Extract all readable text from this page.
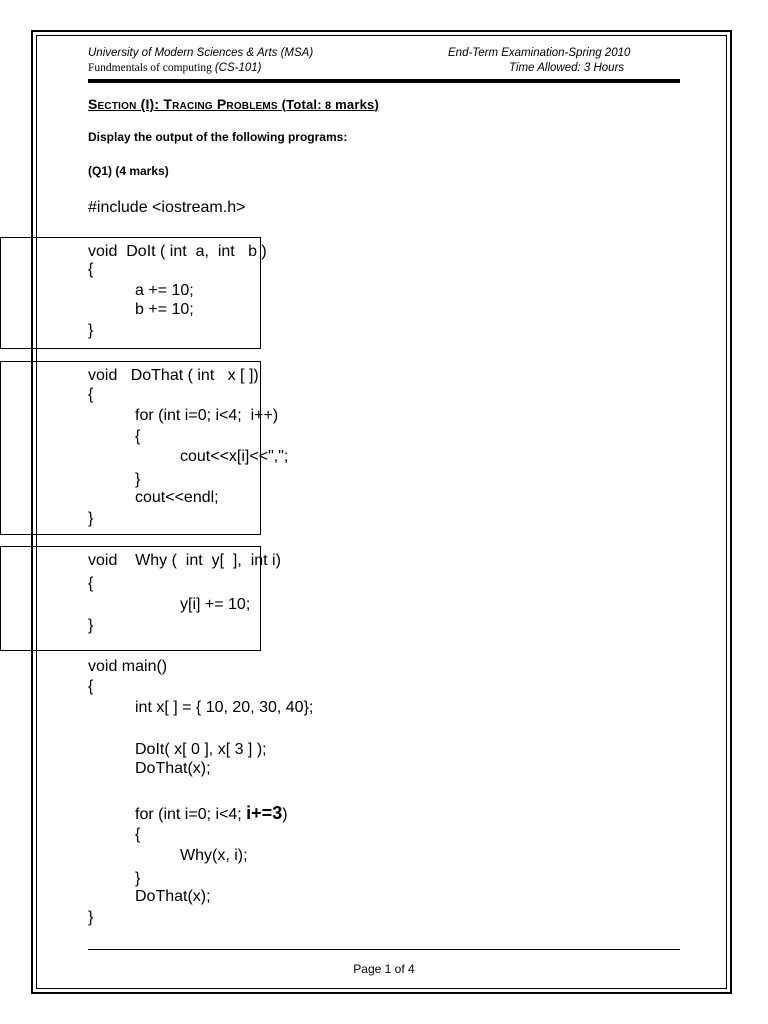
University of Modern Sciences & Arts (MSA)	End-Term Examination-Spring 2010
Fundmentals of computing (CS-101)	Time Allowed: 3 Hours
Section (I): Tracing Problems (Total: 8 marks)
Display the output of the following programs:
(Q1) (4 marks)
#include <iostream.h>
void  DoIt ( int  a,  int   b )
{
a += 10;
b += 10;
}
void   DoThat ( int   x [ ])
{
for (int i=0; i<4;  i++)
{
cout<<x[i]<<",";
}
cout<<endl;
}
void    Why (  int  y[  ],  int i)
{
y[i] += 10;
}
void main()
{
int x[ ] = { 10, 20, 30, 40};
DoIt( x[ 0 ], x[ 3 ] );
DoThat(x);
for (int i=0; i<4; i+=3)
{
Why(x, i);
}
DoThat(x);
}
Page 1 of 4
